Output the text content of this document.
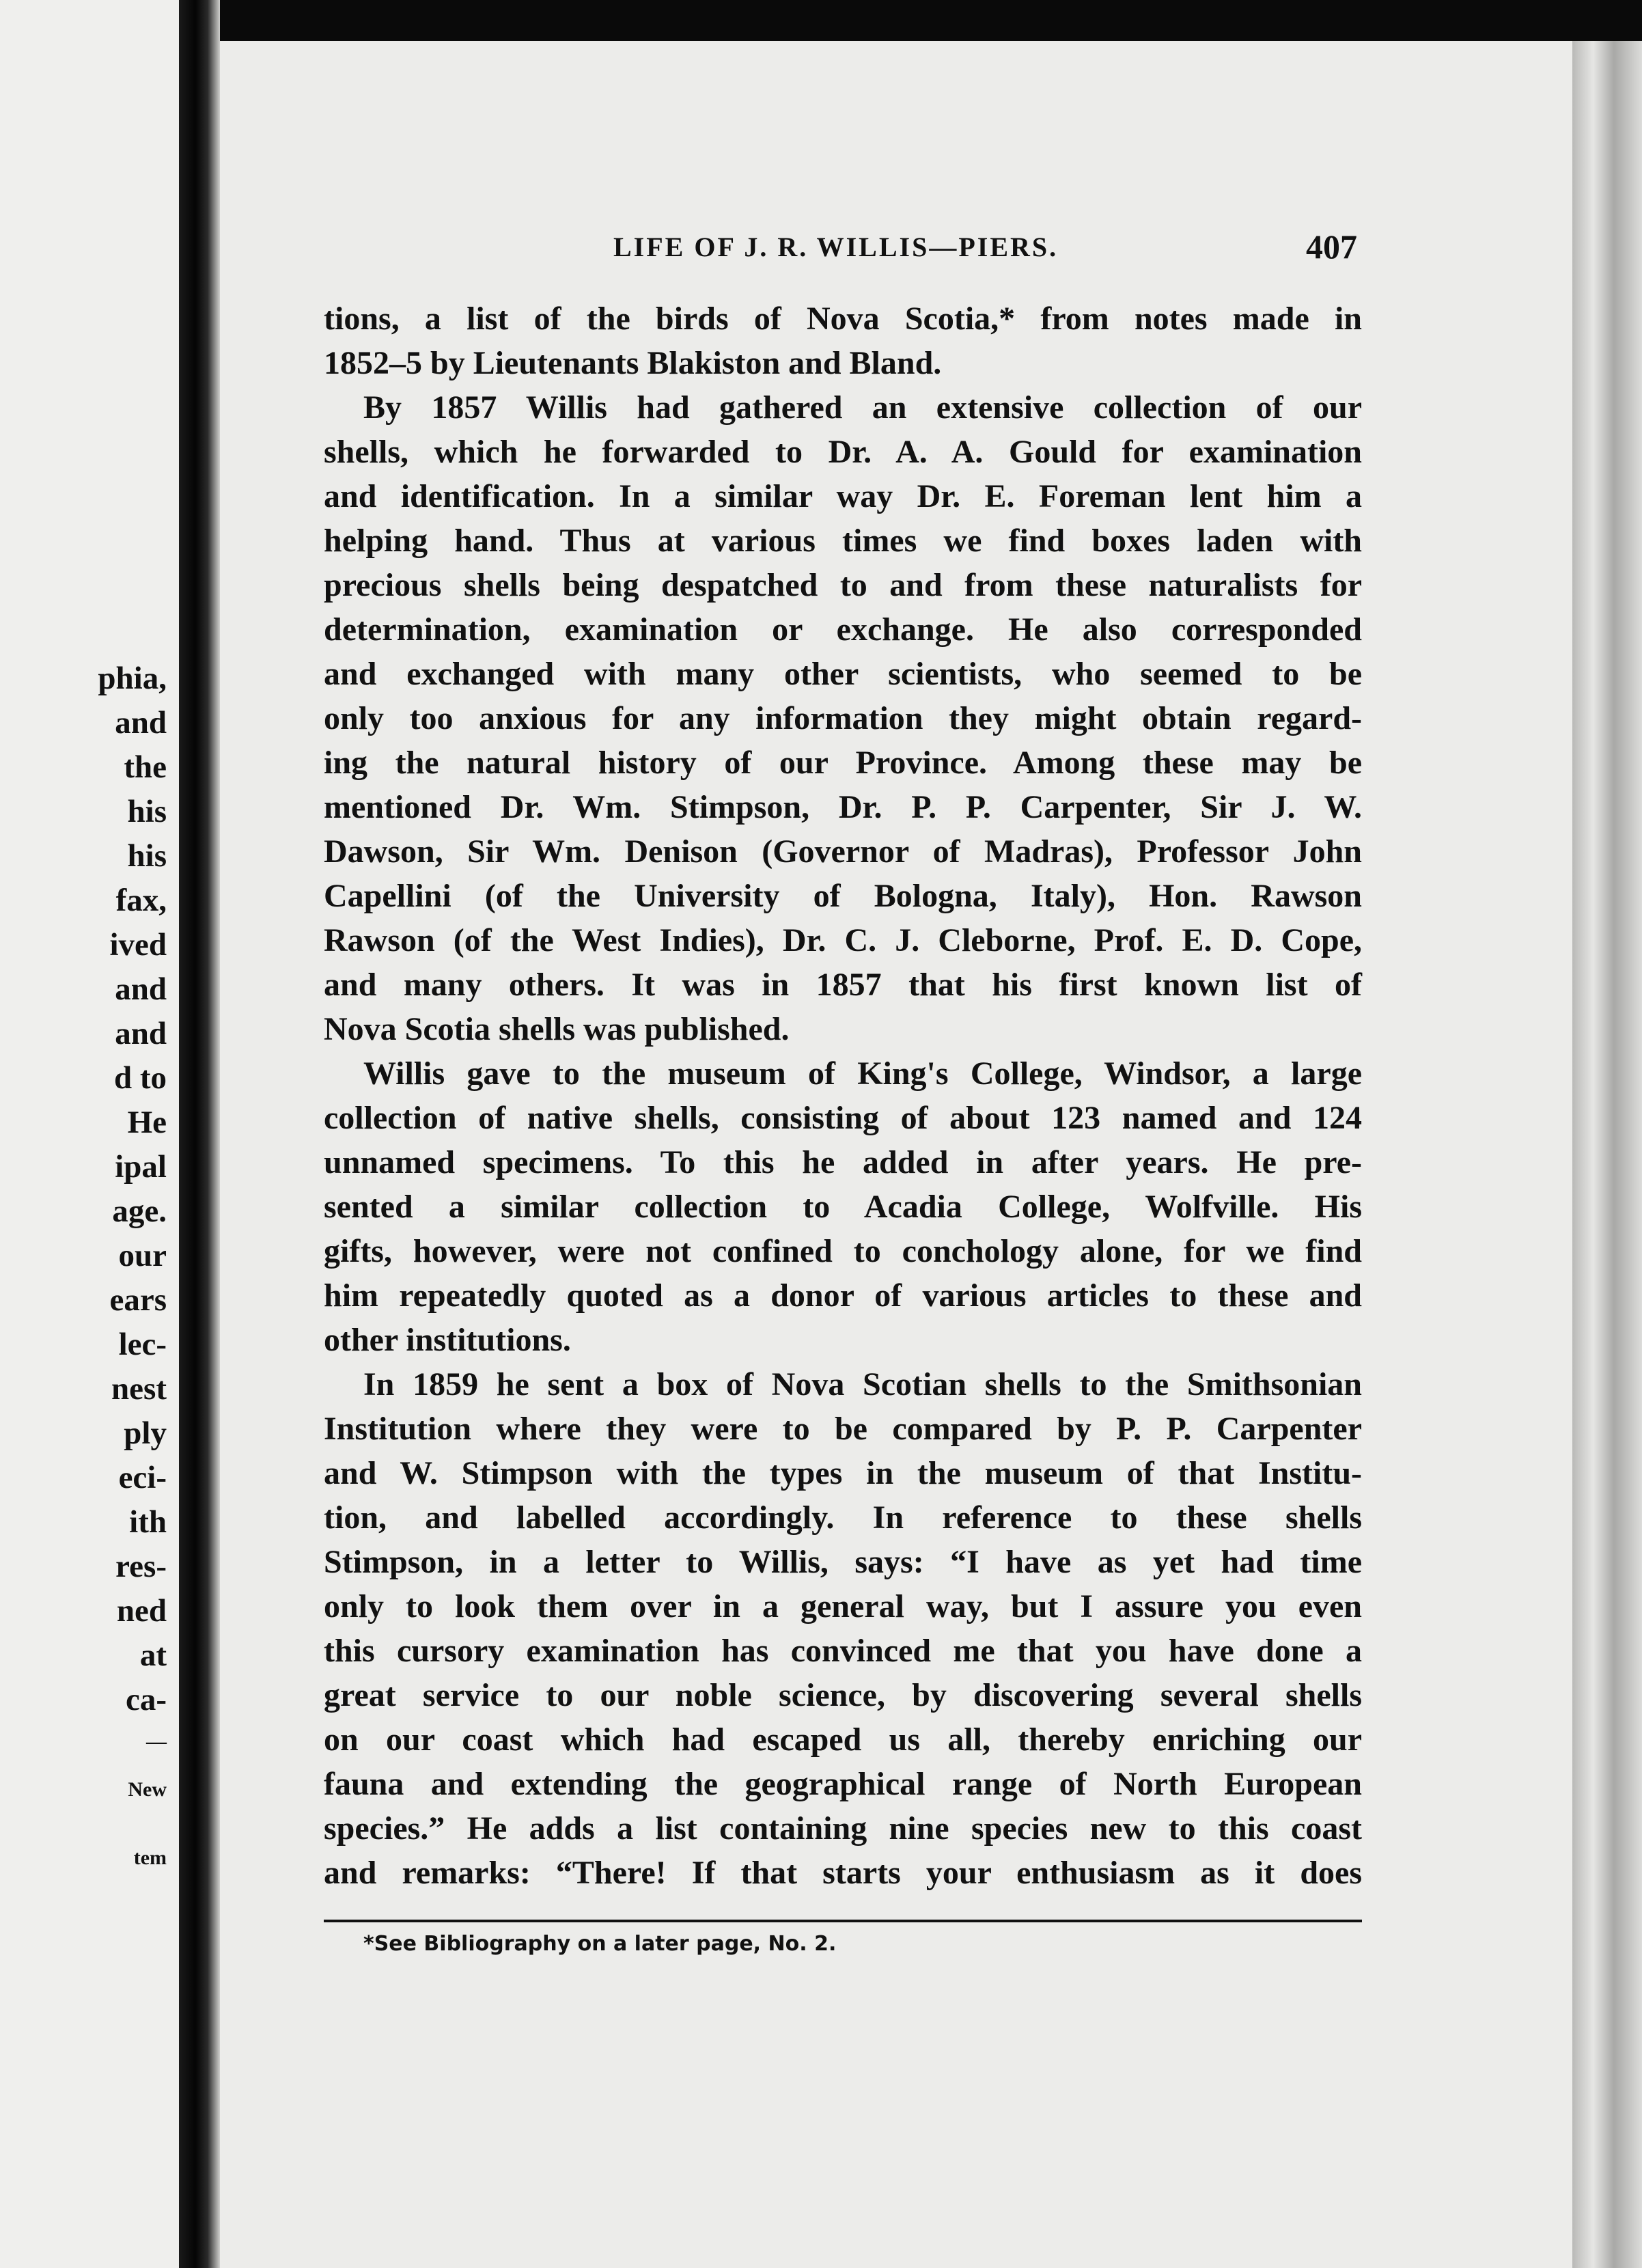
phia,
and
the
his
his
fax,
ived
and
and
d to
He
ipal
age.
our
ears
lec-
nest
ply
eci-
ith
res-
ned
at
ca-
—
New
tem
LIFE OF J. R. WILLIS—PIERS.	407
tions, a list of the birds of Nova Scotia,* from notes made in
1852–5 by Lieutenants Blakiston and Bland.
By 1857 Willis had gathered an extensive collection of our
shells, which he forwarded to Dr. A. A. Gould for examination
and identification. In a similar way Dr. E. Foreman lent him a
helping hand. Thus at various times we find boxes laden with
precious shells being despatched to and from these naturalists for
determination, examination or exchange. He also corresponded
and exchanged with many other scientists, who seemed to be
only too anxious for any information they might obtain regard-
ing the natural history of our Province. Among these may be
mentioned Dr. Wm. Stimpson, Dr. P. P. Carpenter, Sir J. W.
Dawson, Sir Wm. Denison (Governor of Madras), Professor John
Capellini (of the University of Bologna, Italy), Hon. Rawson
Rawson (of the West Indies), Dr. C. J. Cleborne, Prof. E. D. Cope,
and many others. It was in 1857 that his first known list of
Nova Scotia shells was published.
Willis gave to the museum of King's College, Windsor, a large
collection of native shells, consisting of about 123 named and 124
unnamed specimens. To this he added in after years. He pre-
sented a similar collection to Acadia College, Wolfville. His
gifts, however, were not confined to conchology alone, for we find
him repeatedly quoted as a donor of various articles to these and
other institutions.
In 1859 he sent a box of Nova Scotian shells to the Smithsonian
Institution where they were to be compared by P. P. Carpenter
and W. Stimpson with the types in the museum of that Institu-
tion, and labelled accordingly. In reference to these shells
Stimpson, in a letter to Willis, says: “I have as yet had time
only to look them over in a general way, but I assure you even
this cursory examination has convinced me that you have done a
great service to our noble science, by discovering several shells
on our coast which had escaped us all, thereby enriching our
fauna and extending the geographical range of North European
species.” He adds a list containing nine species new to this coast
and remarks: “There! If that starts your enthusiasm as it does
*See Bibliography on a later page, No. 2.
